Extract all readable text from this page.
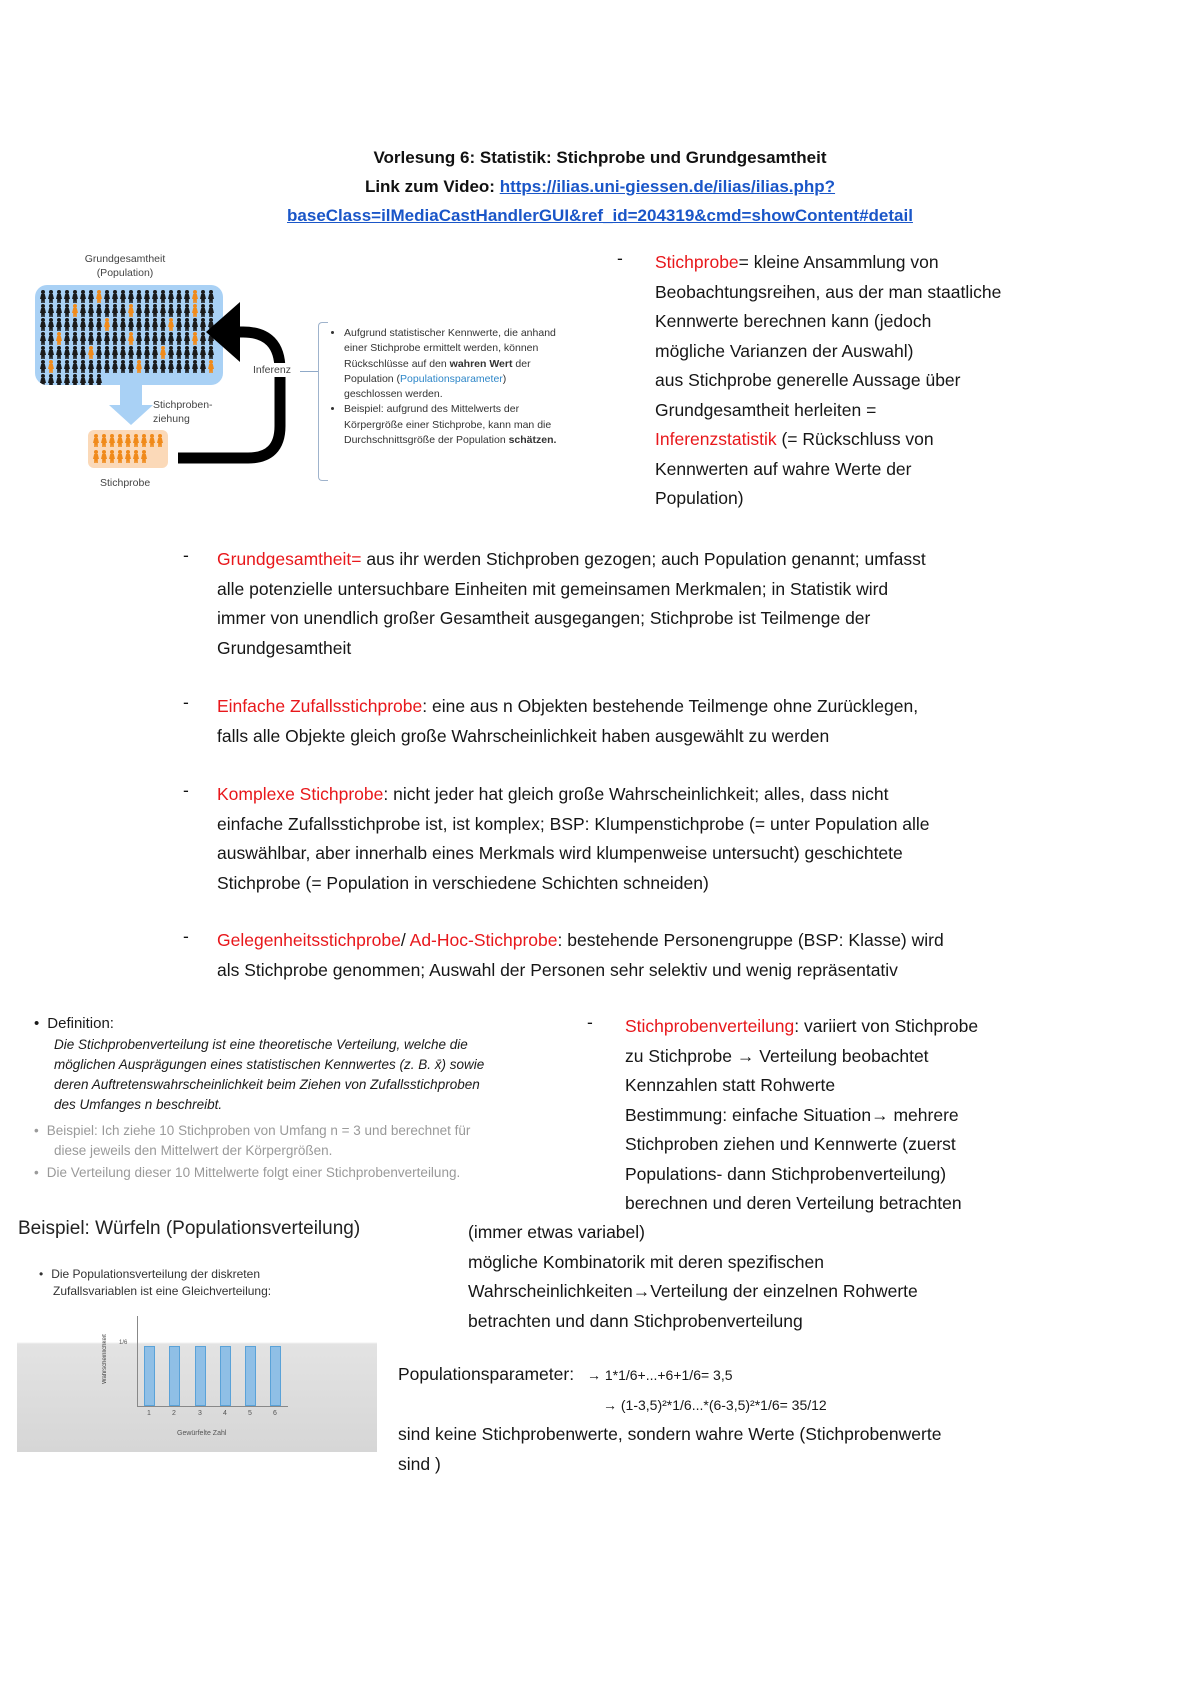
Vorlesung 6: Statistik: Stichprobe und Grundgesamtheit
Link zum Video: https://ilias.uni-giessen.de/ilias/ilias.php?
baseClass=ilMediaCastHandlerGUI&ref_id=204319&cmd=showContent#detail
Grundgesamtheit
(Population)
Stichproben-
ziehung
Stichprobe
Inferenz
• Aufgrund statistischer Kennwerte, die anhand einer Stichprobe ermittelt werden, können Rückschlüsse auf den wahren Wert der Population (Populationsparameter) geschlossen werden.
• Beispiel: aufgrund des Mittelwerts der Körpergröße einer Stichprobe, kann man die Durchschnittsgröße der Population schätzen.
- Stichprobe= kleine Ansammlung von
Beobachtungsreihen, aus der man staatliche
Kennwerte berechnen kann (jedoch
mögliche Varianzen der Auswahl)
aus Stichprobe generelle Aussage über
Grundgesamtheit herleiten =
Inferenzstatistik (= Rückschluss von
Kennwerten auf wahre Werte der
Population)
- Grundgesamtheit= aus ihr werden Stichproben gezogen; auch Population genannt; umfasst
alle potenzielle untersuchbare Einheiten mit gemeinsamen Merkmalen; in Statistik wird
immer von unendlich großer Gesamtheit ausgegangen; Stichprobe ist Teilmenge der
Grundgesamtheit
- Einfache Zufallsstichprobe: eine aus n Objekten bestehende Teilmenge ohne Zurücklegen,
falls alle Objekte gleich große Wahrscheinlichkeit haben ausgewählt zu werden
- Komplexe Stichprobe: nicht jeder hat gleich große Wahrscheinlichkeit; alles, dass nicht
einfache Zufallsstichprobe ist, ist komplex; BSP: Klumpenstichprobe (= unter Population alle
auswählbar, aber innerhalb eines Merkmals wird klumpenweise untersucht) geschichtete
Stichprobe (= Population in verschiedene Schichten schneiden)
- Gelegenheitsstichprobe/ Ad-Hoc-Stichprobe: bestehende Personengruppe (BSP: Klasse) wird
als Stichprobe genommen; Auswahl der Personen sehr selektiv und wenig repräsentativ
• Definition:
Die Stichprobenverteilung ist eine theoretische Verteilung, welche die
möglichen Ausprägungen eines statistischen Kennwertes (z. B. x̄) sowie
deren Auftretenswahrscheinlichkeit beim Ziehen von Zufallsstichproben
des Umfanges n beschreibt.
• Beispiel: Ich ziehe 10 Stichproben von Umfang n = 3 und berechnet für
diese jeweils den Mittelwert der Körpergrößen.
• Die Verteilung dieser 10 Mittelwerte folgt einer Stichprobenverteilung.
- Stichprobenverteilung: variiert von Stichprobe
zu Stichprobe → Verteilung beobachtet
Kennzahlen statt Rohwerte
Bestimmung: einfache Situation→ mehrere
Stichproben ziehen und Kennwerte (zuerst
Populations- dann Stichprobenverteilung)
berechnen und deren Verteilung betrachten
(immer etwas variabel)
mögliche Kombinatorik mit deren spezifischen
Wahrscheinlichkeiten→Verteilung der einzelnen Rohwerte
betrachten und dann Stichprobenverteilung
Beispiel: Würfeln (Populationsverteilung)
• Die Populationsverteilung der diskreten
Zufallsvariablen ist eine Gleichverteilung:
Wahrscheinlichkeit	1/6
1	2	3	4	5	6
Gewürfelte Zahl
Populationsparameter: → 1*1/6+...+6+1/6= 3,5
→ (1-3,5)²*1/6...*(6-3,5)²*1/6= 35/12
sind keine Stichprobenwerte, sondern wahre Werte (Stichprobenwerte
sind )
